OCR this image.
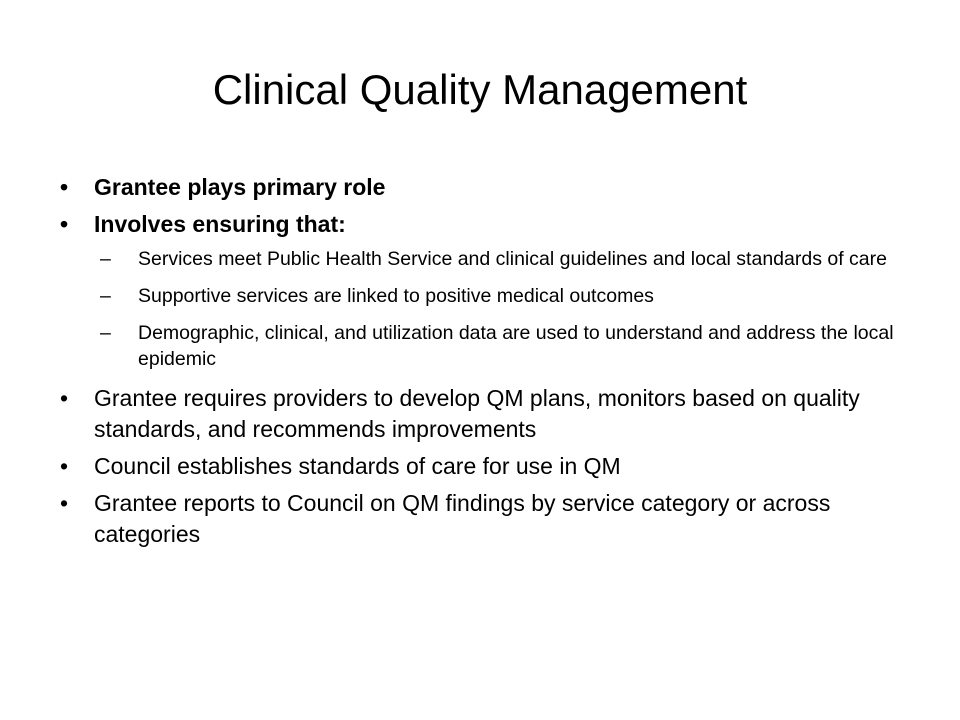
Clinical Quality Management
• Grantee plays primary role
• Involves ensuring that:
– Services meet Public Health Service and clinical guidelines and local standards of care
– Supportive services are linked to positive medical outcomes
– Demographic, clinical, and utilization data are used to understand and address the local epidemic
• Grantee requires providers to develop QM plans, monitors based on quality standards, and recommends improvements
• Council establishes standards of care for use in QM
• Grantee reports to Council on QM findings by service category or across categories
